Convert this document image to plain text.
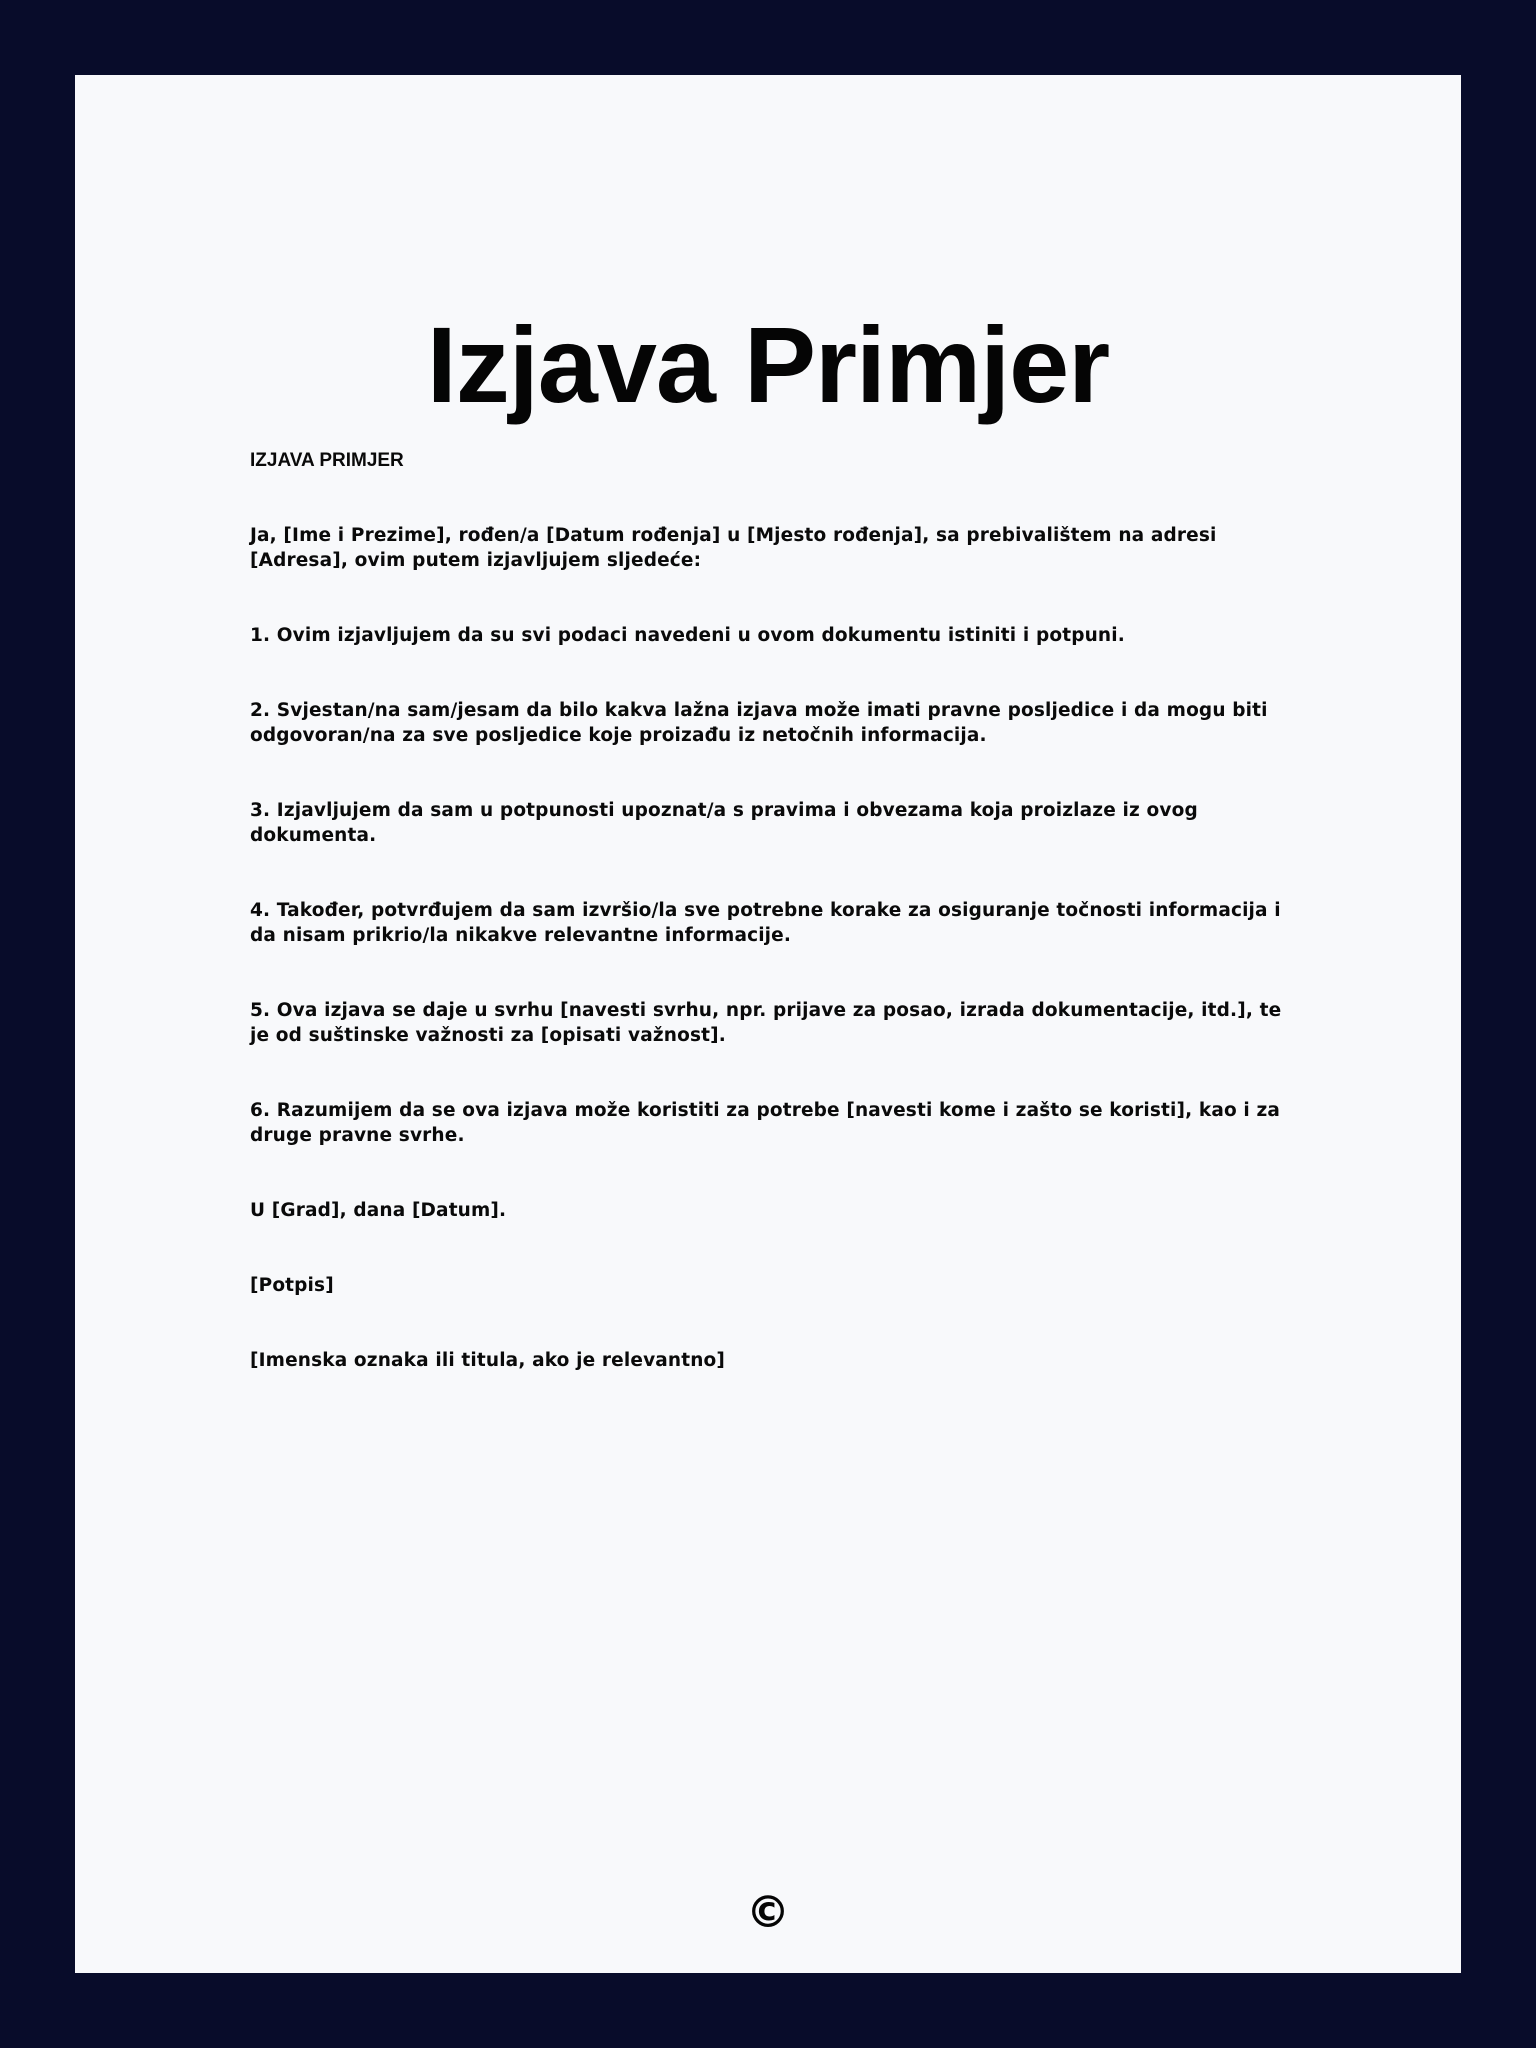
Izjava Primjer

IZJAVA PRIMJER

Ja, [Ime i Prezime], rođen/a [Datum rođenja] u [Mjesto rođenja], sa prebivalištem na adresi [Adresa], ovim putem izjavljujem sljedeće:

1. Ovim izjavljujem da su svi podaci navedeni u ovom dokumentu istiniti i potpuni.

2. Svjestan/na sam/jesam da bilo kakva lažna izjava može imati pravne posljedice i da mogu biti odgovoran/na za sve posljedice koje proizađu iz netočnih informacija.

3. Izjavljujem da sam u potpunosti upoznat/a s pravima i obvezama koja proizlaze iz ovog dokumenta.

4. Također, potvrđujem da sam izvršio/la sve potrebne korake za osiguranje točnosti informacija i da nisam prikrio/la nikakve relevantne informacije.

5. Ova izjava se daje u svrhu [navesti svrhu, npr. prijave za posao, izrada dokumentacije, itd.], te je od suštinske važnosti za [opisati važnost].

6. Razumijem da se ova izjava može koristiti za potrebe [navesti kome i zašto se koristi], kao i za druge pravne svrhe.

U [Grad], dana [Datum].

[Potpis]

[Imenska oznaka ili titula, ako je relevantno]

©
